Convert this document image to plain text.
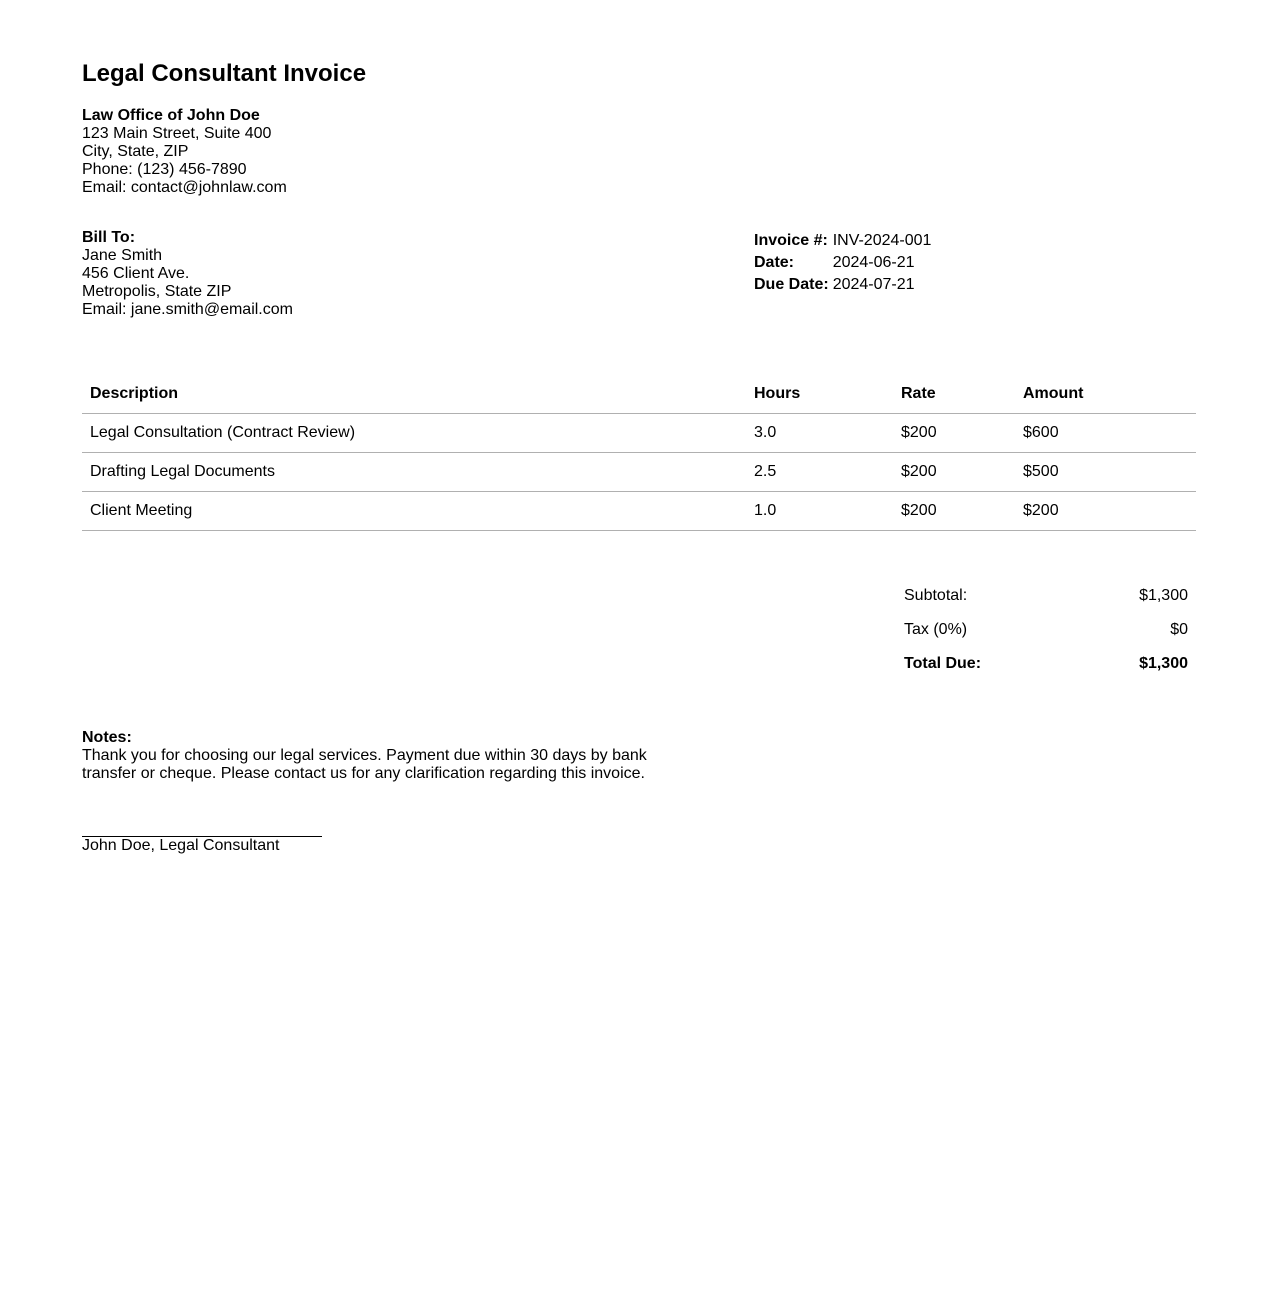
Legal Consultant Invoice
Law Office of John Doe
123 Main Street, Suite 400
City, State, ZIP
Phone: (123) 456-7890
Email: contact@johnlaw.com
Bill To:
Jane Smith
456 Client Ave.
Metropolis, State ZIP
Email: jane.smith@email.com
Invoice #:	INV-2024-001
Date:	2024-06-21
Due Date:	2024-07-21
Description	Hours	Rate	Amount
Legal Consultation (Contract Review)	3.0	$200	$600
Drafting Legal Documents	2.5	$200	$500
Client Meeting	1.0	$200	$200
Subtotal:	$1,300
Tax (0%)	$0
Total Due:	$1,300
Notes:
Thank you for choosing our legal services. Payment due within 30 days by bank transfer or cheque. Please contact us for any clarification regarding this invoice.
John Doe, Legal Consultant
